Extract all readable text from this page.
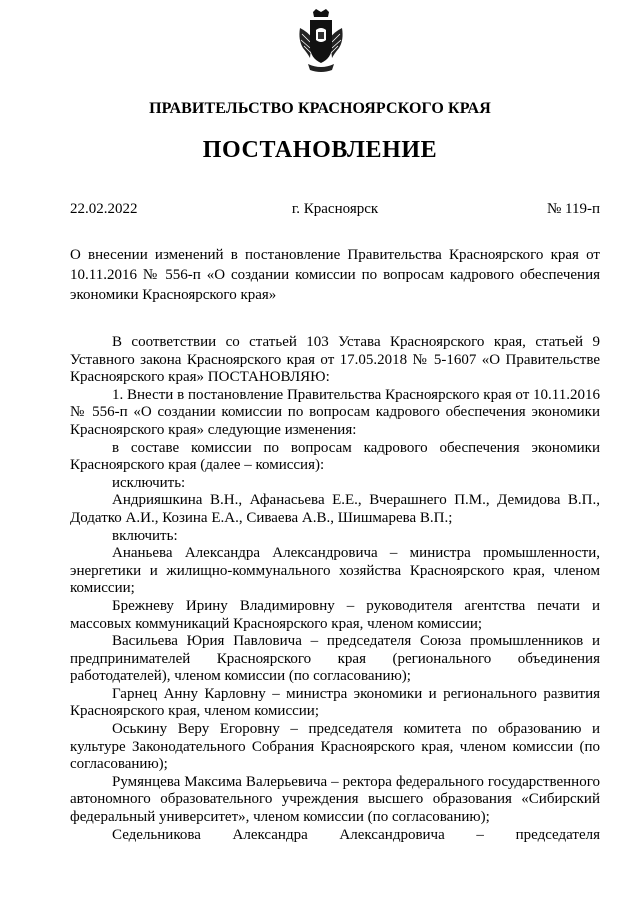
ПРАВИТЕЛЬСТВО КРАСНОЯРСКОГО КРАЯ
ПОСТАНОВЛЕНИЕ
22.02.2022	г. Красноярск	№ 119-п
О внесении изменений в постановление Правительства Красноярского края от 10.11.2016 № 556-п «О создании комиссии по вопросам кадрового обеспечения экономики Красноярского края»

В соответствии со статьей 103 Устава Красноярского края, статьей 9 Уставного закона Красноярского края от 17.05.2018 № 5-1607 «О Правительстве Красноярского края» ПОСТАНОВЛЯЮ:

1. Внести в постановление Правительства Красноярского края от 10.11.2016 № 556-п «О создании комиссии по вопросам кадрового обеспечения экономики Красноярского края» следующие изменения:

в составе комиссии по вопросам кадрового обеспечения экономики Красноярского края (далее – комиссия):

исключить:

Андрияшкина В.Н., Афанасьева Е.Е., Вчерашнего П.М., Демидова В.П., Додатко А.И., Козина Е.А., Сиваева А.В., Шишмарева В.П.;

включить:

Ананьева Александра Александровича – министра промышленности, энергетики и жилищно-коммунального хозяйства Красноярского края, членом комиссии;

Брежневу Ирину Владимировну – руководителя агентства печати и массовых коммуникаций Красноярского края, членом комиссии;

Васильева Юрия Павловича – председателя Союза промышленников и предпринимателей Красноярского края (регионального объединения работодателей), членом комиссии (по согласованию);

Гарнец Анну Карловну – министра экономики и регионального развития Красноярского края, членом комиссии;

Оськину Веру Егоровну – председателя комитета по образованию и культуре Законодательного Собрания Красноярского края, членом комиссии (по согласованию);

Румянцева Максима Валерьевича – ректора федерального государственного автономного образовательного учреждения высшего образования «Сибирский федеральный университет», членом комиссии (по согласованию);

Седельникова Александра Александровича – председателя
